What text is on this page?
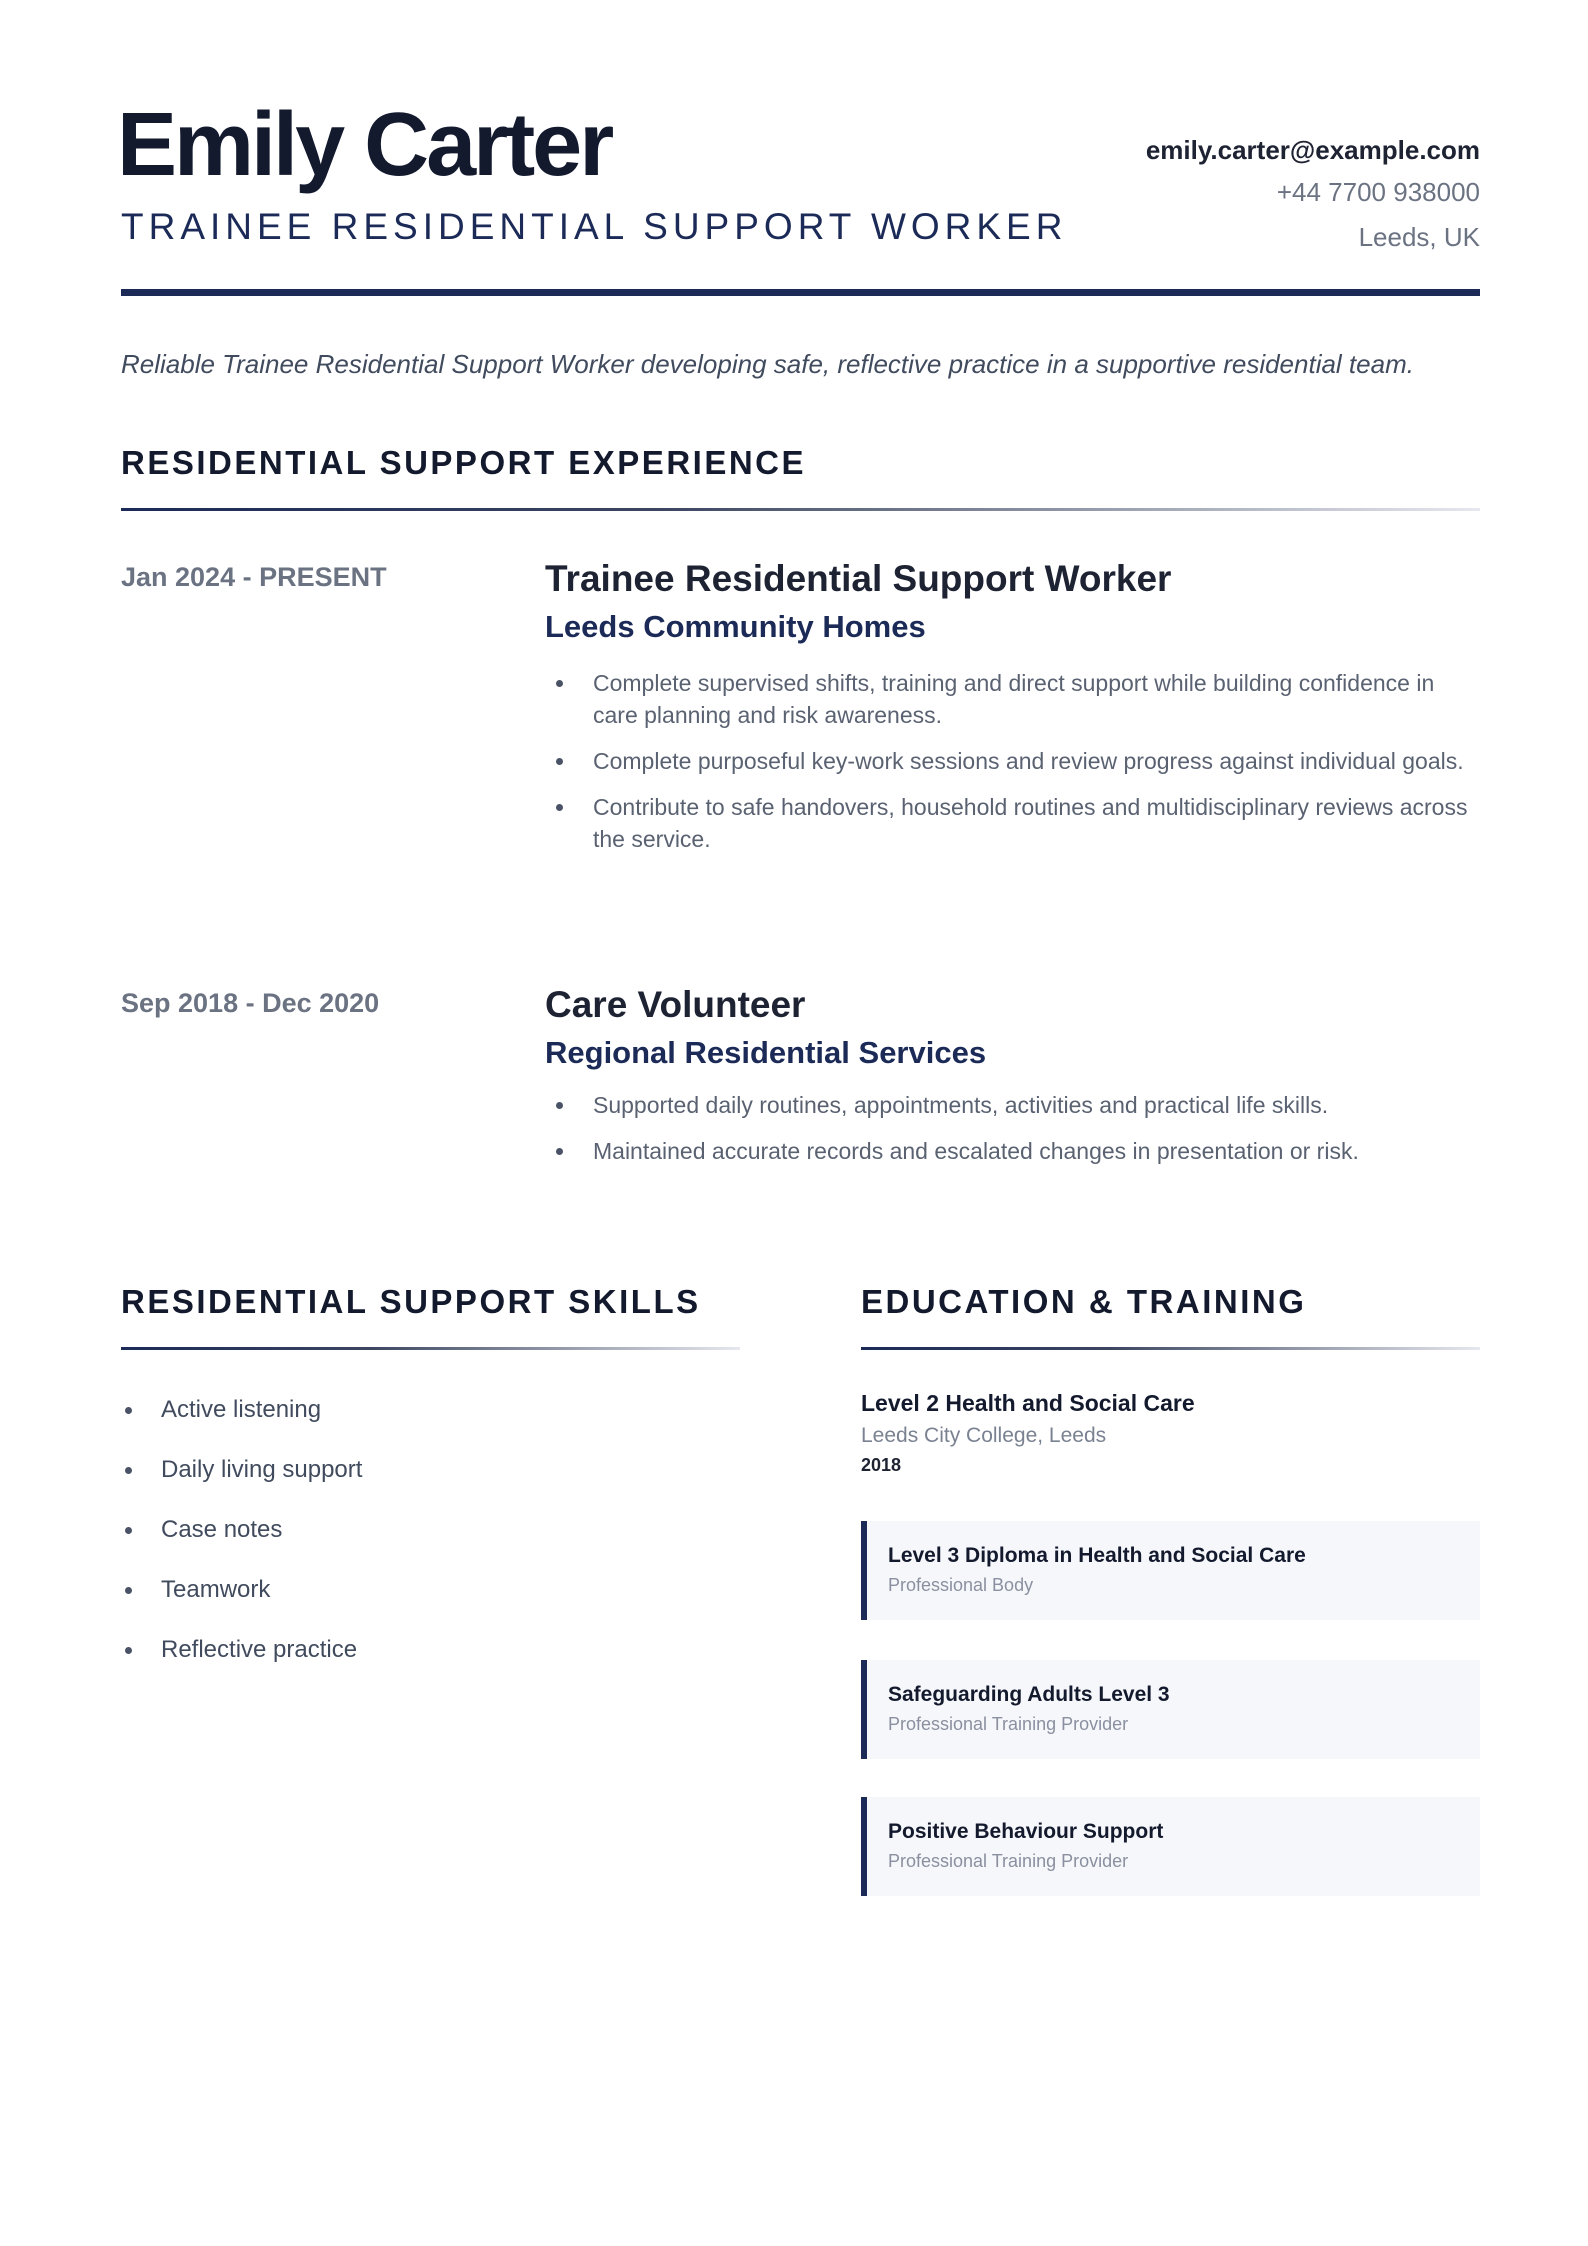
Emily Carter
TRAINEE RESIDENTIAL SUPPORT WORKER
emily.carter@example.com
+44 7700 938000
Leeds, UK
Reliable Trainee Residential Support Worker developing safe, reflective practice in a supportive residential team.
RESIDENTIAL SUPPORT EXPERIENCE
Jan 2024 - PRESENT	Trainee Residential Support Worker
Leeds Community Homes
Complete supervised shifts, training and direct support while building confidence in care planning and risk awareness.
Complete purposeful key-work sessions and review progress against individual goals.
Contribute to safe handovers, household routines and multidisciplinary reviews across the service.
Sep 2018 - Dec 2020	Care Volunteer
Regional Residential Services
Supported daily routines, appointments, activities and practical life skills.
Maintained accurate records and escalated changes in presentation or risk.
RESIDENTIAL SUPPORT SKILLS
Active listening
Daily living support
Case notes
Teamwork
Reflective practice
EDUCATION & TRAINING
Level 2 Health and Social Care
Leeds City College, Leeds
2018
Level 3 Diploma in Health and Social Care
Professional Body
Safeguarding Adults Level 3
Professional Training Provider
Positive Behaviour Support
Professional Training Provider
